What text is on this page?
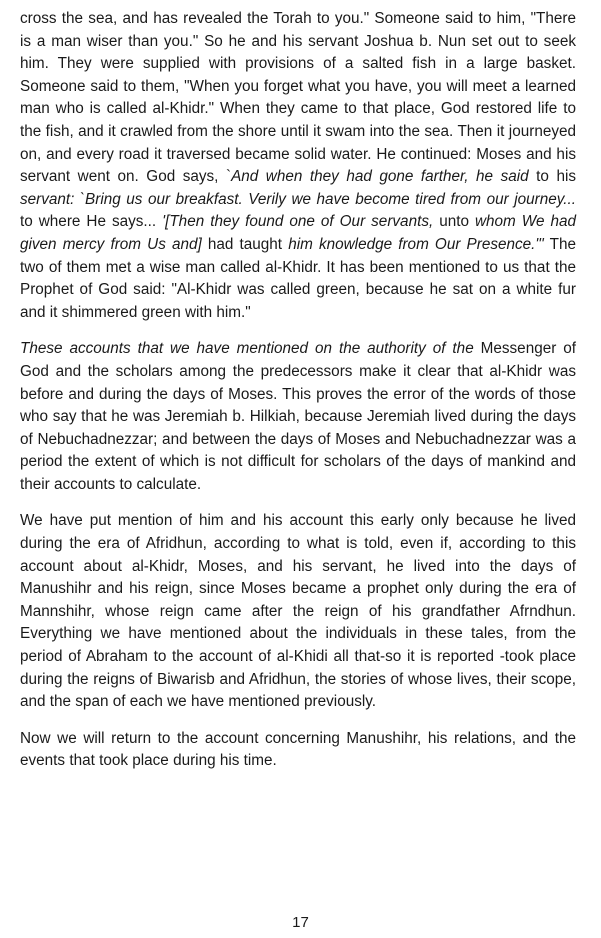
cross the sea, and has revealed the Torah to you." Someone said to him, "There is a man wiser than you." So he and his servant Joshua b. Nun set out to seek him. They were supplied with provisions of a salted fish in a large basket. Someone said to them, "When you forget what you have, you will meet a learned man who is called al-Khidr." When they came to that place, God restored life to the fish, and it crawled from the shore until it swam into the sea. Then it journeyed on, and every road it traversed became solid water. He continued: Moses and his servant went on. God says, `And when they had gone farther, he said to his servant: `Bring us our breakfast. Verily we have become tired from our journey... to where He says... '[Then they found one of Our servants, unto whom We had given mercy from Us and] had taught him knowledge from Our Presence."' The two of them met a wise man called al-Khidr. It has been mentioned to us that the Prophet of God said: "Al-Khidr was called green, because he sat on a white fur and it shimmered green with him."

These accounts that we have mentioned on the authority of the Messenger of God and the scholars among the predecessors make it clear that al-Khidr was before and during the days of Moses. This proves the error of the words of those who say that he was Jeremiah b. Hilkiah, because Jeremiah lived during the days of Nebuchadnezzar; and between the days of Moses and Nebuchadnezzar was a period the extent of which is not difficult for scholars of the days of mankind and their accounts to calculate.

We have put mention of him and his account this early only because he lived during the era of Afridhun, according to what is told, even if, according to this account about al-Khidr, Moses, and his servant, he lived into the days of Manushihr and his reign, since Moses became a prophet only during the era of Mannshihr, whose reign came after the reign of his grandfather Afrndhun. Everything we have mentioned about the individuals in these tales, from the period of Abraham to the account of al-Khidi all that-so it is reported -took place during the reigns of Biwarisb and Afridhun, the stories of whose lives, their scope, and the span of each we have mentioned previously.

Now we will return to the account concerning Manushihr, his relations, and the events that took place during his time.

17
